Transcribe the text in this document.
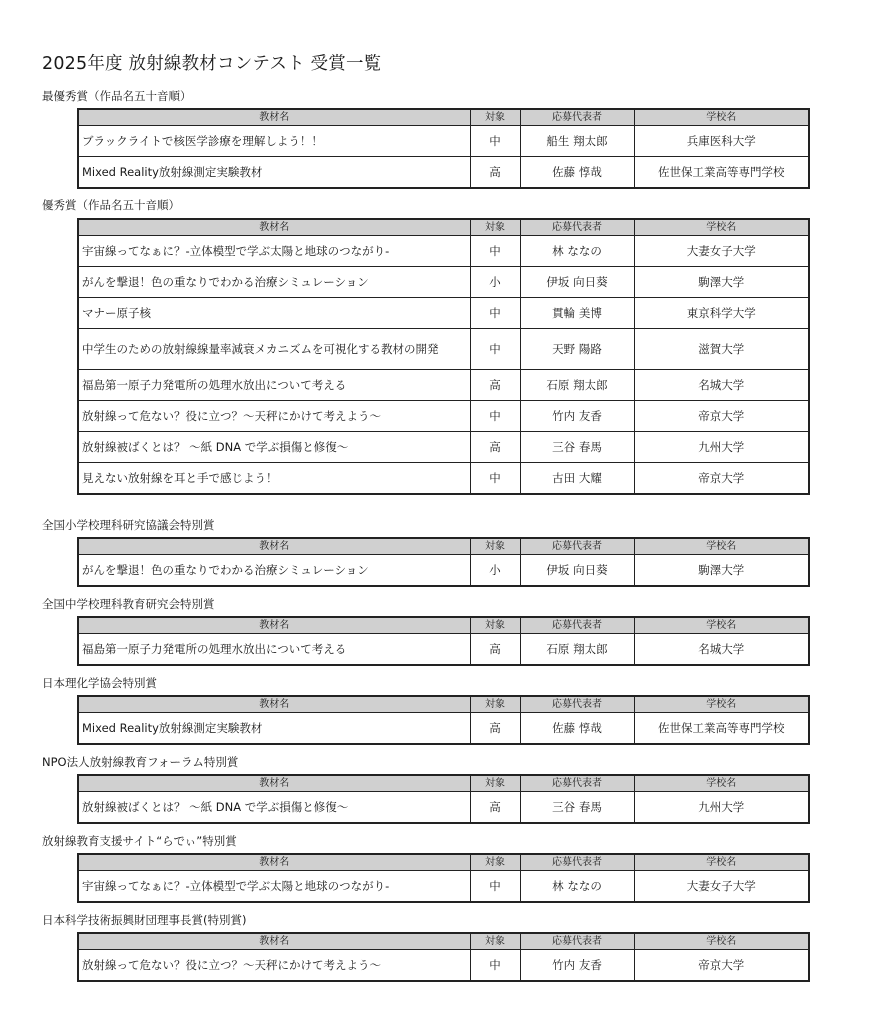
2025年度 放射線教材コンテスト 受賞一覧
最優秀賞（作品名五十音順）
教材名	対象	応募代表者	学校名
ブラックライトで核医学診療を理解しよう！！	中	船生 翔太郎	兵庫医科大学
Mixed Reality放射線測定実験教材	高	佐藤 惇哉	佐世保工業高等専門学校
優秀賞（作品名五十音順）
教材名	対象	応募代表者	学校名
宇宙線ってなぁに？-立体模型で学ぶ太陽と地球のつながり-	中	林 ななの	大妻女子大学
がんを撃退！色の重なりでわかる治療シミュレーション	小	伊坂 向日葵	駒澤大学
マナー原子核	中	貫輪 美博	東京科学大学
中学生のための放射線線量率減衰メカニズムを可視化する教材の開発	中	天野 陽路	滋賀大学
福島第一原子力発電所の処理水放出について考える	高	石原 翔太郎	名城大学
放射線って危ない？役に立つ？～天秤にかけて考えよう～	中	竹内 友香	帝京大学
放射線被ばくとは？ ～紙 DNA で学ぶ損傷と修復～	高	三谷 春馬	九州大学
見えない放射線を耳と手で感じよう！	中	古田 大耀	帝京大学
全国小学校理科研究協議会特別賞
教材名	対象	応募代表者	学校名
がんを撃退！色の重なりでわかる治療シミュレーション	小	伊坂 向日葵	駒澤大学
全国中学校理科教育研究会特別賞
教材名	対象	応募代表者	学校名
福島第一原子力発電所の処理水放出について考える	高	石原 翔太郎	名城大学
日本理化学協会特別賞
教材名	対象	応募代表者	学校名
Mixed Reality放射線測定実験教材	高	佐藤 惇哉	佐世保工業高等専門学校
NPO法人放射線教育フォーラム特別賞
教材名	対象	応募代表者	学校名
放射線被ばくとは？ ～紙 DNA で学ぶ損傷と修復～	高	三谷 春馬	九州大学
放射線教育支援サイト“らでぃ”特別賞
教材名	対象	応募代表者	学校名
宇宙線ってなぁに？-立体模型で学ぶ太陽と地球のつながり-	中	林 ななの	大妻女子大学
日本科学技術振興財団理事長賞(特別賞)
教材名	対象	応募代表者	学校名
放射線って危ない？役に立つ？～天秤にかけて考えよう～	中	竹内 友香	帝京大学
